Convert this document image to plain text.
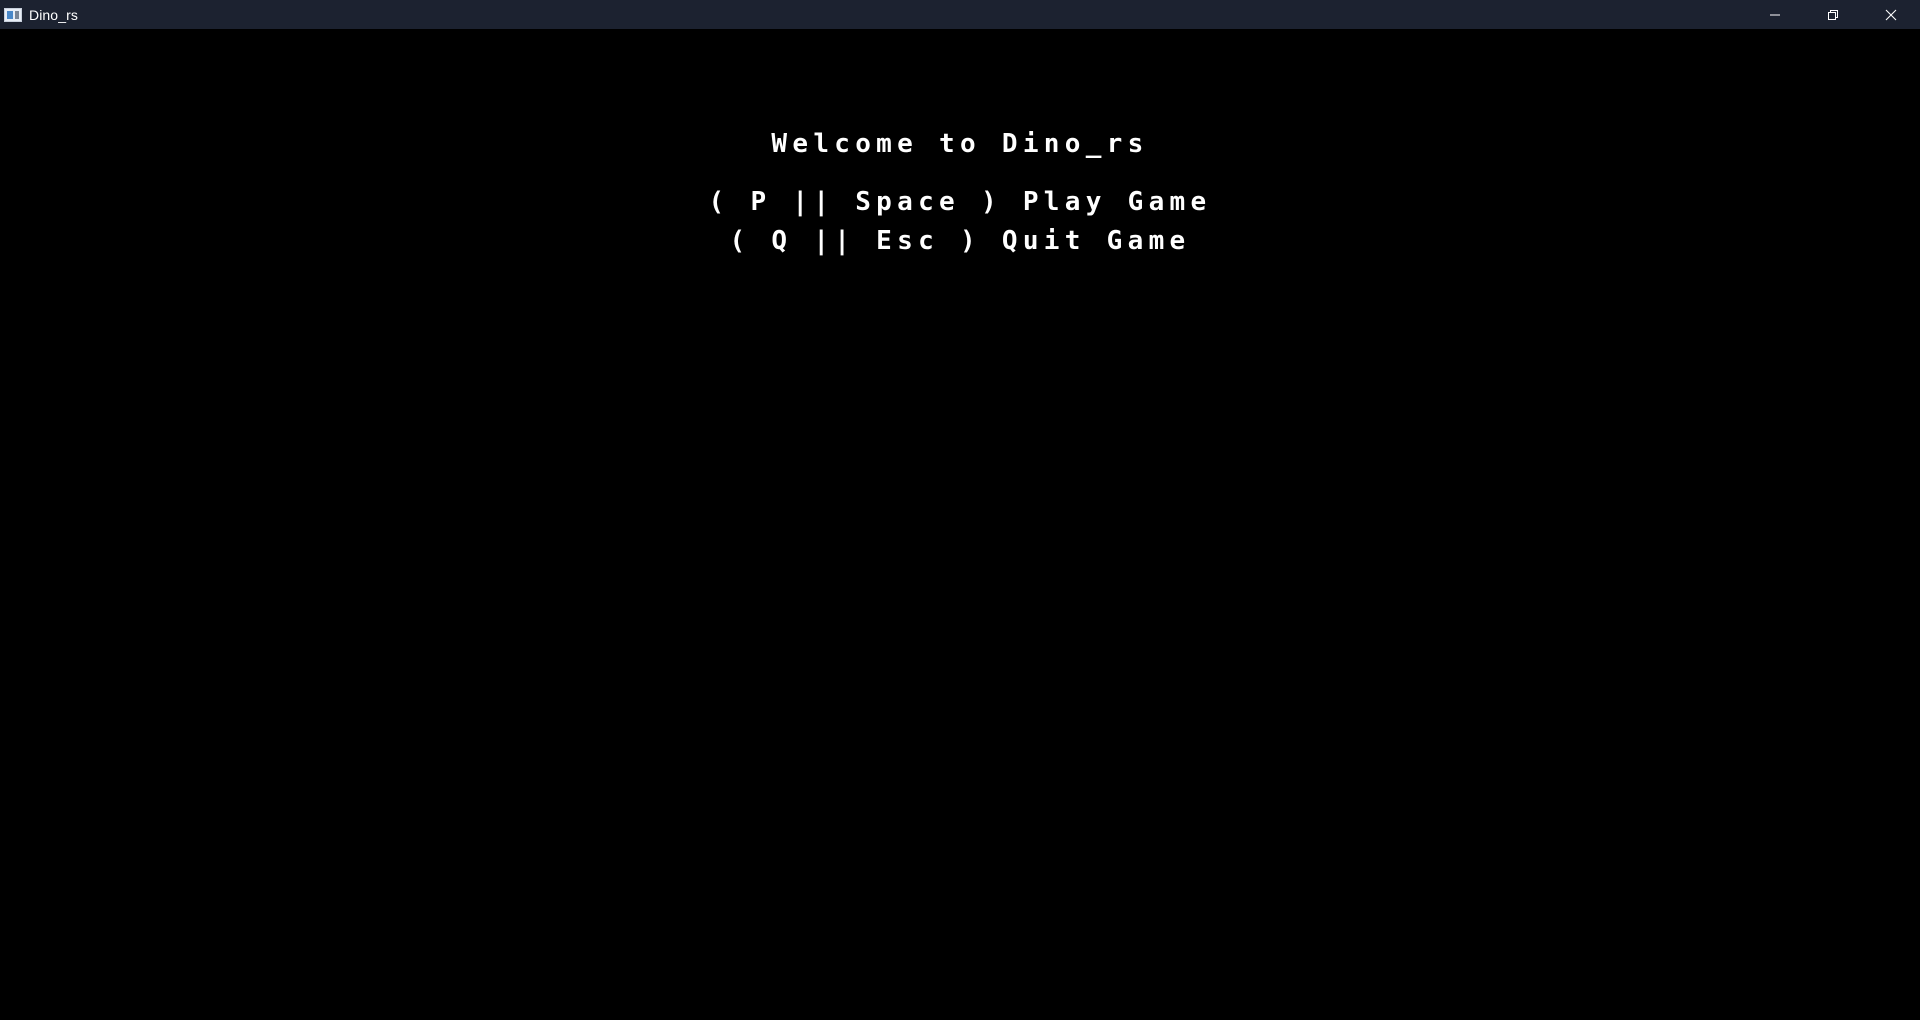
Dino_rs
Welcome to Dino_rs
( P || Space ) Play Game
( Q || Esc ) Quit Game
